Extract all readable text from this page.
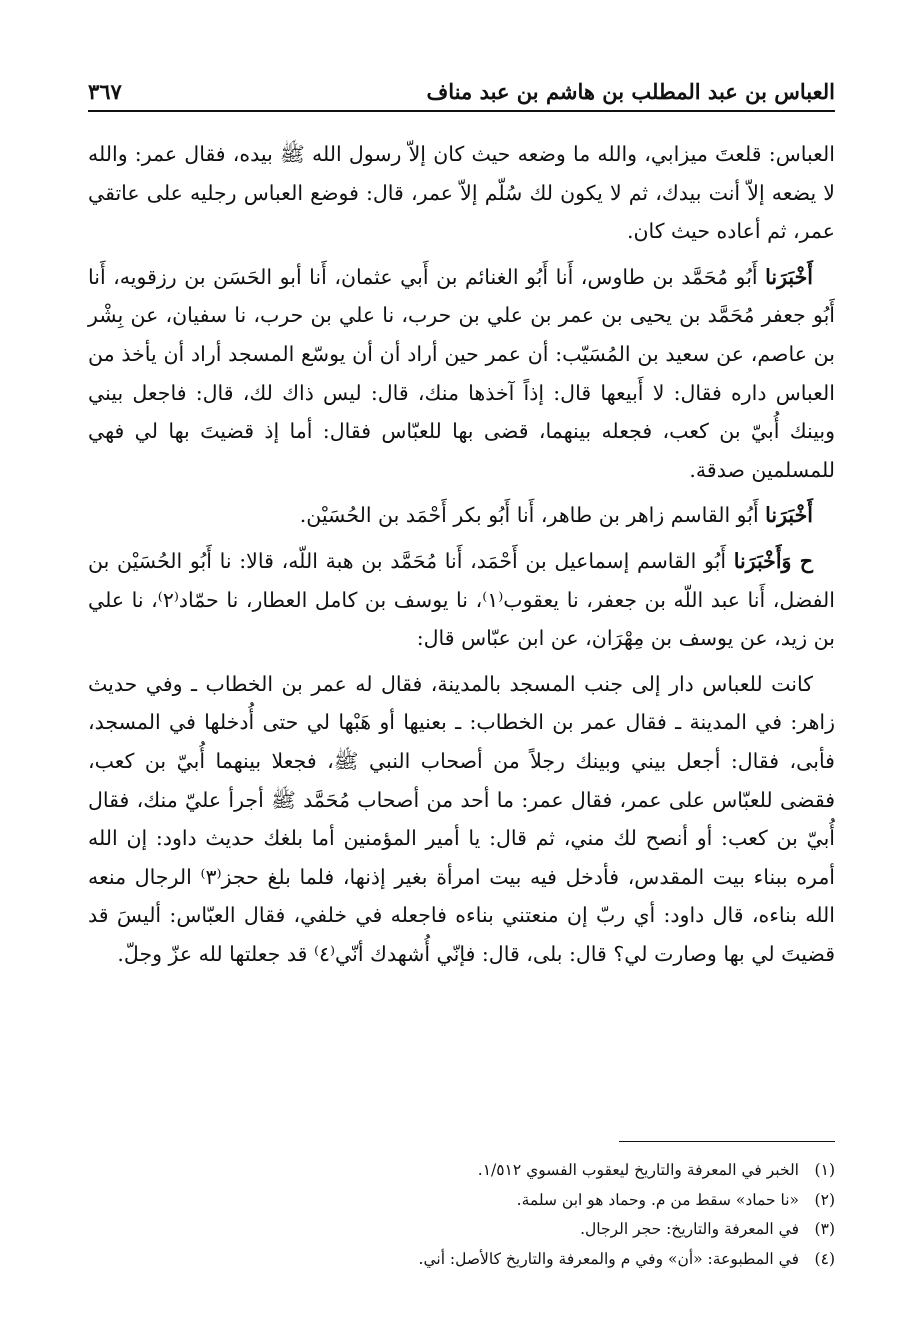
العباس بن عبد المطلب بن هاشم بن عبد مناف
٣٦٧

العباس: قلعتَ ميزابي، والله ما وضعه حيث كان إلاّ رسول الله ﷺ بيده، فقال عمر: والله لا يضعه إلاّ أنت بيدك، ثم لا يكون لك سُلّم إلاّ عمر، قال: فوضع العباس رجليه على عاتقي عمر، ثم أعاده حيث كان.

أَخْبَرَنا أَبُو مُحَمَّد بن طاوس، أَنا أَبُو الغنائم بن أَبي عثمان، أَنا أبو الحَسَن بن رزقويه، أَنا أَبُو جعفر مُحَمَّد بن يحيى بن عمر بن علي بن حرب، نا علي بن حرب، نا سفيان، عن بِشْر بن عاصم، عن سعيد بن المُسَيّب: أن عمر حين أراد أن أن يوسّع المسجد أراد أن يأخذ من العباس داره فقال: لا أَبيعها قال: إذاً آخذها منك، قال: ليس ذاك لك، قال: فاجعل بيني وبينك أُبيّ بن كعب، فجعله بينهما، قضى بها للعبّاس فقال: أما إذ قضيتَ بها لي فهي للمسلمين صدقة.

أَخْبَرَنا أَبُو القاسم زاهر بن طاهر، أَنا أَبُو بكر أَحْمَد بن الحُسَيْن.

ح وَأَخْبَرَنا أَبُو القاسم إسماعيل بن أَحْمَد، أَنا مُحَمَّد بن هبة اللّه، قالا: نا أَبُو الحُسَيْن بن الفضل، أَنا عبد اللّه بن جعفر، نا يعقوب⁽١⁾، نا يوسف بن كامل العطار، نا حمّاد⁽٢⁾، نا علي بن زيد، عن يوسف بن مِهْرَان، عن ابن عبّاس قال:

كانت للعباس دار إلى جنب المسجد بالمدينة، فقال له عمر بن الخطاب ـ وفي حديث زاهر: في المدينة ـ فقال عمر بن الخطاب: ـ بعنيها أو هَبْها لي حتى أُدخلها في المسجد، فأبى، فقال: أجعل بيني وبينك رجلاً من أصحاب النبي ﷺ، فجعلا بينهما أُبيّ بن كعب، فقضى للعبّاس على عمر، فقال عمر: ما أحد من أصحاب مُحَمَّد ﷺ أجرأ عليّ منك، فقال أُبيّ بن كعب: أو أنصح لك مني، ثم قال: يا أمير المؤمنين أما بلغك حديث داود: إن الله أمره ببناء بيت المقدس، فأدخل فيه بيت امرأة بغير إذنها، فلما بلغ حجز⁽٣⁾ الرجال منعه الله بناءه، قال داود: أي ربّ إن منعتني بناءه فاجعله في خلفي، فقال العبّاس: أليسَ قد قضيتَ لي بها وصارت لي؟ قال: بلى، قال: فإنّي أُشهدك أنّي⁽٤⁾ قد جعلتها لله عزّ وجلّ.

(١)
الخبر في المعرفة والتاريخ ليعقوب الفسوي ١/٥١٢.
(٢)
«نا حماد» سقط من م. وحماد هو ابن سلمة.
(٣)
في المعرفة والتاريخ: حجر الرجال.
(٤)
في المطبوعة: «أن» وفي م والمعرفة والتاريخ كالأصل: أني.
